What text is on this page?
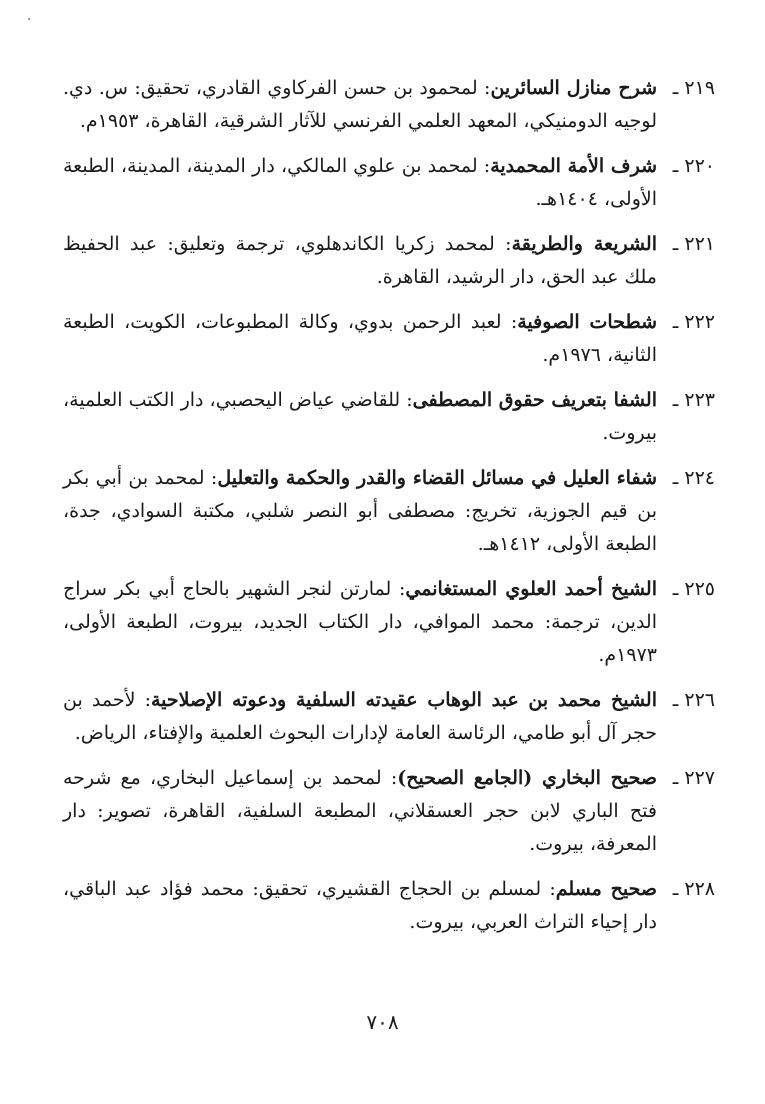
٢١٩ ـ
شرح منازل السائرين: لمحمود بن حسن الفركاوي القادري، تحقيق: س. دي. لوجيه الدومنيكي، المعهد العلمي الفرنسي للآثار الشرقية، القاهرة، ١٩٥٣م.
٢٢٠ ـ
شرف الأمة المحمدية: لمحمد بن علوي المالكي، دار المدينة، المدينة، الطبعة الأولى، ١٤٠٤هـ.
٢٢١ ـ
الشريعة والطريقة: لمحمد زكريا الكاندهلوي، ترجمة وتعليق: عبد الحفيظ ملك عبد الحق، دار الرشيد، القاهرة.
٢٢٢ ـ
شطحات الصوفية: لعبد الرحمن بدوي، وكالة المطبوعات، الكويت، الطبعة الثانية، ١٩٧٦م.
٢٢٣ ـ
الشفا بتعريف حقوق المصطفى: للقاضي عياض اليحصبي، دار الكتب العلمية، بيروت.
٢٢٤ ـ
شفاء العليل في مسائل القضاء والقدر والحكمة والتعليل: لمحمد بن أبي بكر بن قيم الجوزية، تخريج: مصطفى أبو النصر شلبي، مكتبة السوادي، جدة، الطبعة الأولى، ١٤١٢هـ.
٢٢٥ ـ
الشيخ أحمد العلوي المستغانمي: لمارتن لنجر الشهير بالحاج أبي بكر سراج الدين، ترجمة: محمد الموافي، دار الكتاب الجديد، بيروت، الطبعة الأولى، ١٩٧٣م.
٢٢٦ ـ
الشيخ محمد بن عبد الوهاب عقيدته السلفية ودعوته الإصلاحية: لأحمد بن حجر آل أبو طامي، الرئاسة العامة لإدارات البحوث العلمية والإفتاء، الرياض.
٢٢٧ ـ
صحيح البخاري (الجامع الصحيح): لمحمد بن إسماعيل البخاري، مع شرحه فتح الباري لابن حجر العسقلاني، المطبعة السلفية، القاهرة، تصوير: دار المعرفة، بيروت.
٢٢٨ ـ
صحيح مسلم: لمسلم بن الحجاج القشيري، تحقيق: محمد فؤاد عبد الباقي، دار إحياء التراث العربي، بيروت.
٧٠٨
